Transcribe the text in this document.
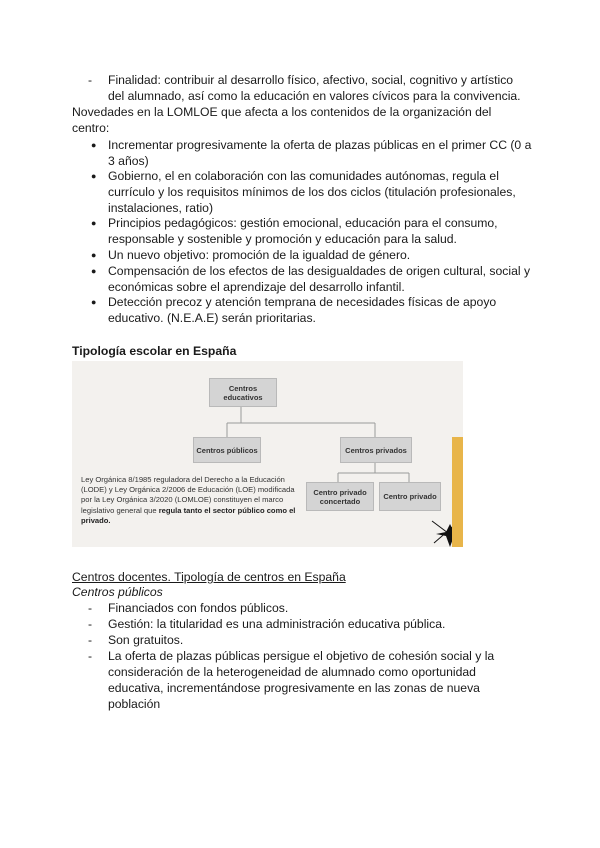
- Finalidad: contribuir al desarrollo físico, afectivo, social, cognitivo y artístico del alumnado, así como la educación en valores cívicos para la convivencia.
Novedades en la LOMLOE que afecta a los contenidos de la organización del centro:
● Incrementar progresivamente la oferta de plazas públicas en el primer CC (0 a 3 años)
● Gobierno, el en colaboración con las comunidades autónomas, regula el currículo y los requisitos mínimos de los dos ciclos (titulación profesionales, instalaciones, ratio)
● Principios pedagógicos: gestión emocional, educación para el consumo, responsable y sostenible y promoción y educación para la salud.
● Un nuevo objetivo: promoción de la igualdad de género.
● Compensación de los efectos de las desigualdades de origen cultural, social y económicas sobre el aprendizaje del desarrollo infantil.
● Detección precoz y atención temprana de necesidades físicas de apoyo educativo. (N.E.A.E) serán prioritarias.
Tipología escolar en España
Centros educativos
Centros públicos	Centros privados
Centro privado concertado	Centro privado
Ley Orgánica 8/1985 reguladora del Derecho a la Educación (LODE) y Ley Orgánica 2/2006 de Educación (LOE) modificada por la Ley Orgánica 3/2020 (LOMLOE) constituyen el marco legislativo general que regula tanto el sector público como el privado.
Centros docentes. Tipología de centros en España
Centros públicos
- Financiados con fondos públicos.
- Gestión: la titularidad es una administración educativa pública.
- Son gratuitos.
- La oferta de plazas públicas persigue el objetivo de cohesión social y la consideración de la heterogeneidad de alumnado como oportunidad educativa, incrementándose progresivamente en las zonas de nueva población
